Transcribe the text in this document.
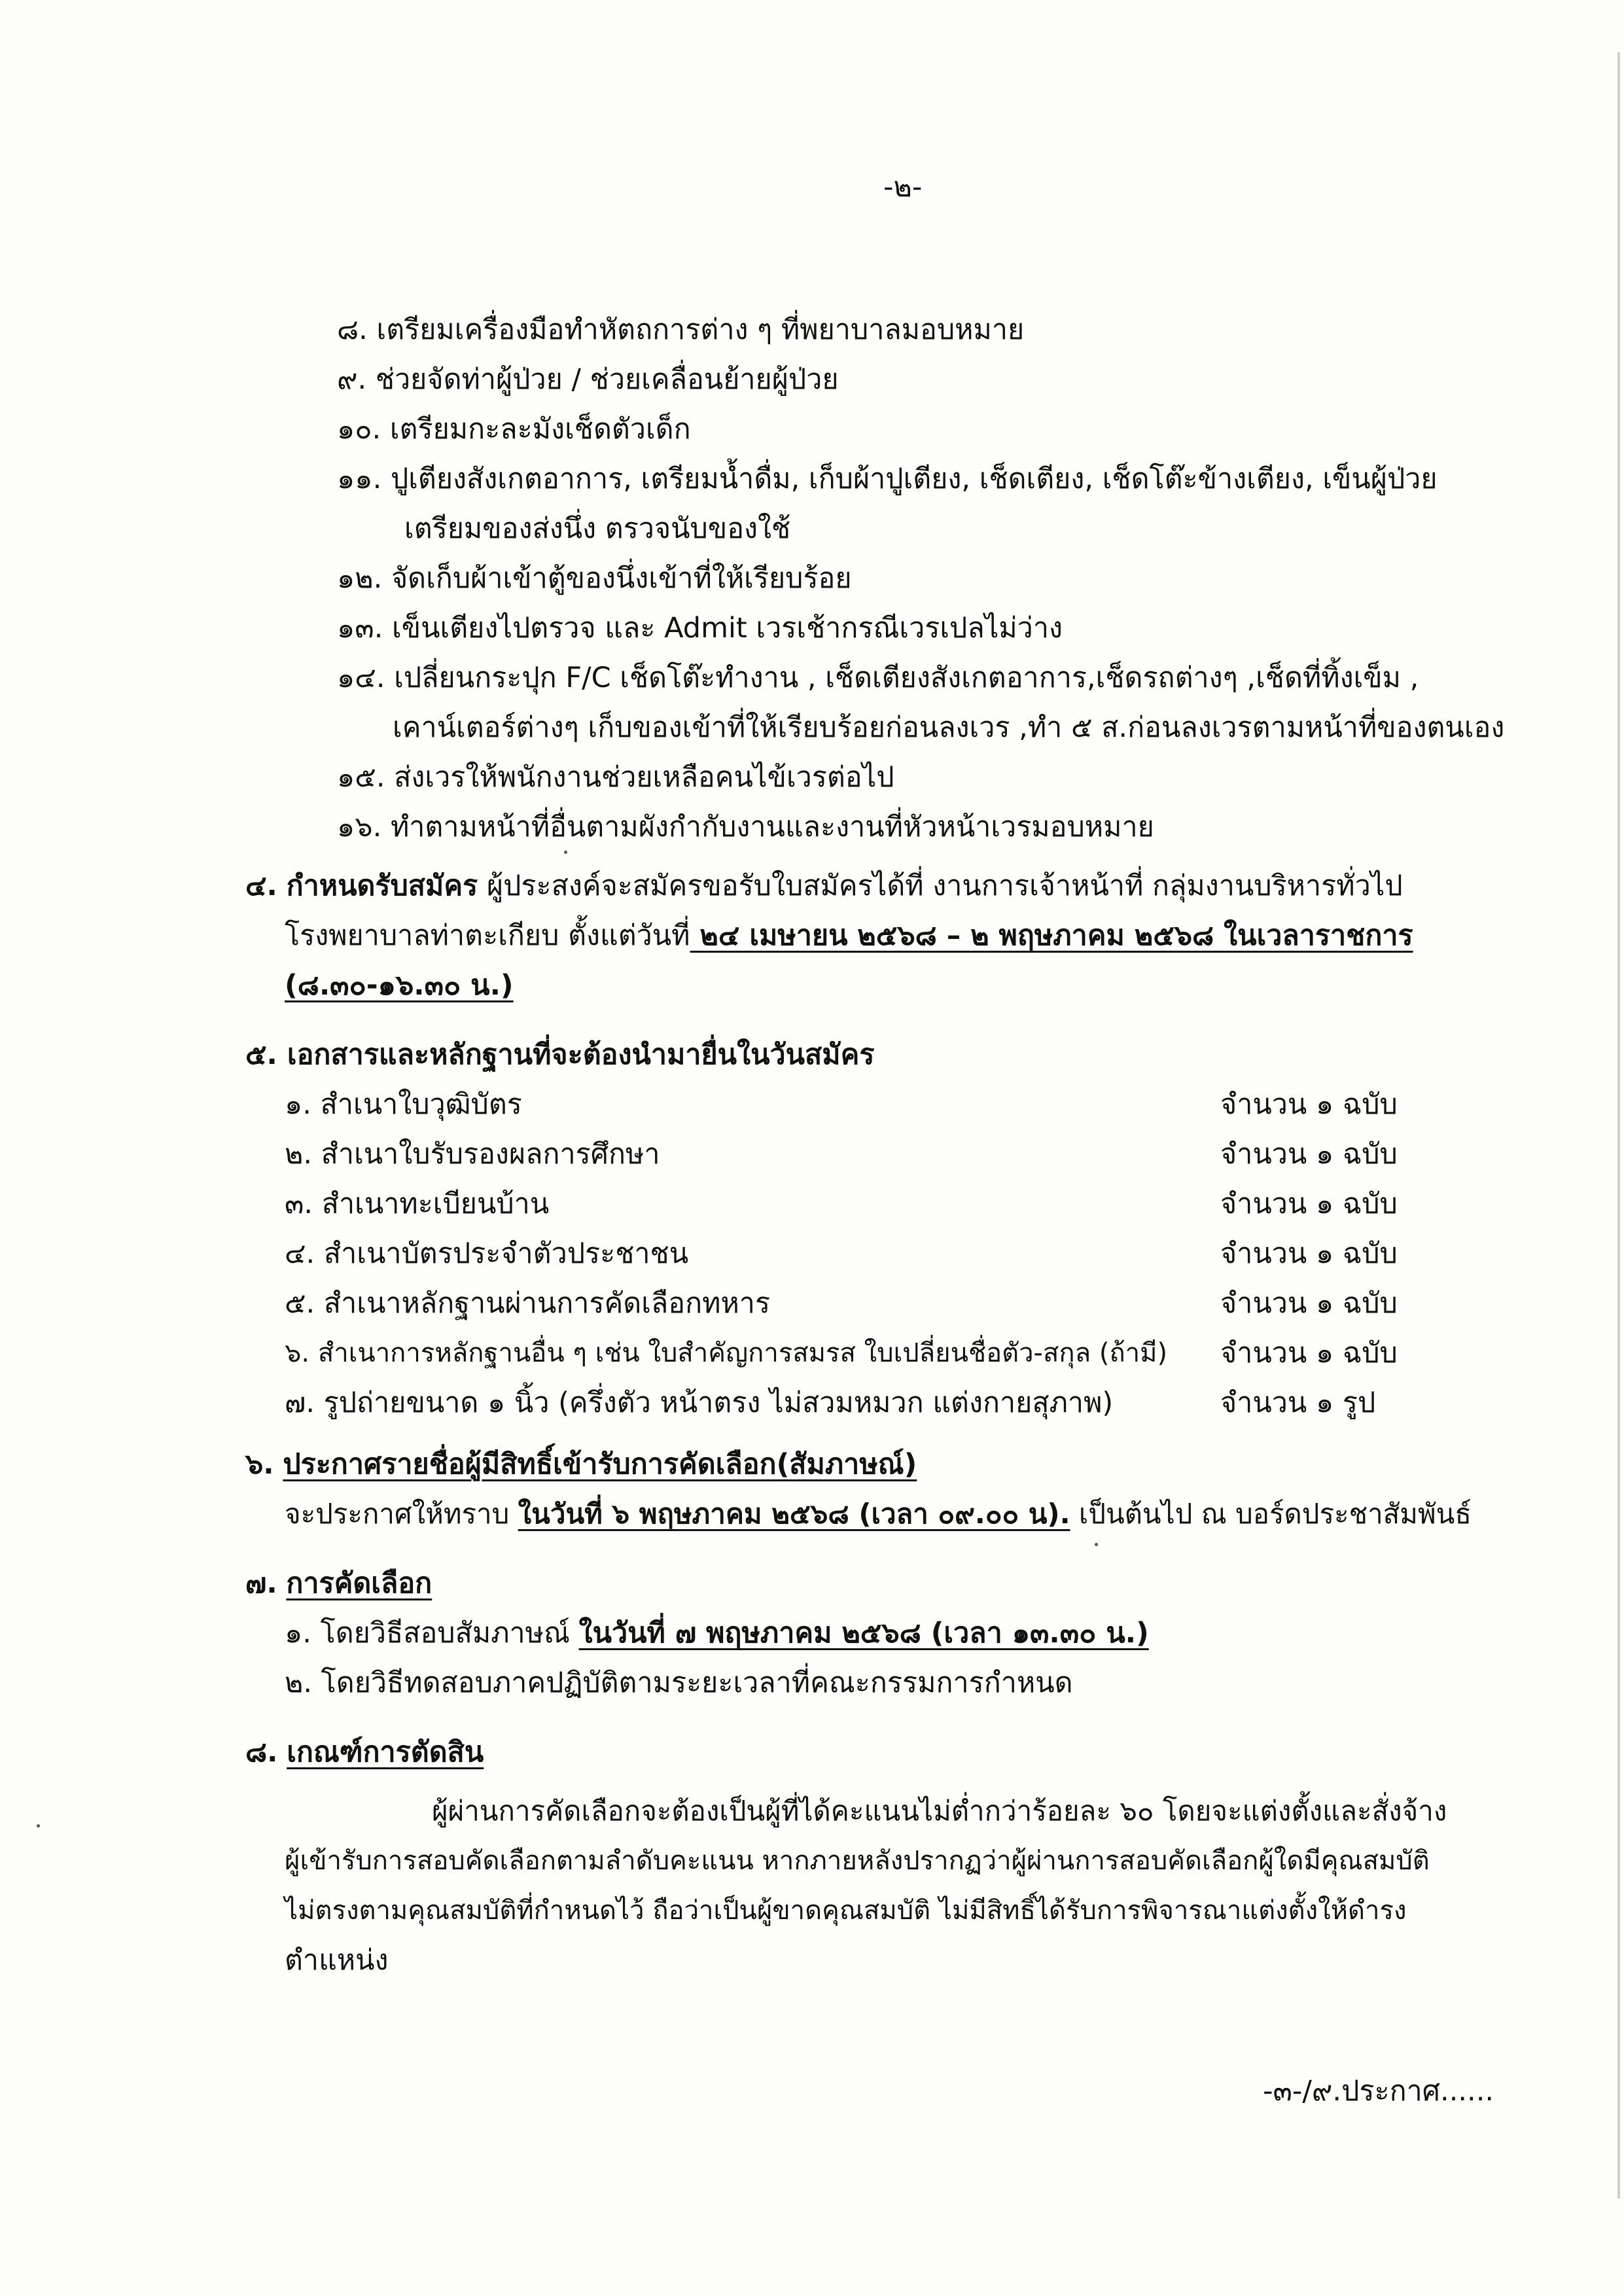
-๒-
๘. เตรียมเครื่องมือทำหัตถการต่าง ๆ ที่พยาบาลมอบหมาย
๙. ช่วยจัดท่าผู้ป่วย / ช่วยเคลื่อนย้ายผู้ป่วย
๑๐. เตรียมกะละมังเช็ดตัวเด็ก
๑๑. ปูเตียงสังเกตอาการ, เตรียมน้ำดื่ม, เก็บผ้าปูเตียง, เช็ดเตียง, เช็ดโต๊ะข้างเตียง, เข็นผู้ป่วย
เตรียมของส่งนึ่ง ตรวจนับของใช้
๑๒. จัดเก็บผ้าเข้าตู้ของนึ่งเข้าที่ให้เรียบร้อย
๑๓. เข็นเตียงไปตรวจ และ Admit เวรเช้ากรณีเวรเปลไม่ว่าง
๑๔. เปลี่ยนกระปุก F/C เช็ดโต๊ะทำงาน , เช็ดเตียงสังเกตอาการ,เช็ดรถต่างๆ ,เช็ดที่ทิ้งเข็ม ,
เคาน์เตอร์ต่างๆ เก็บของเข้าที่ให้เรียบร้อยก่อนลงเวร ,ทำ ๕ ส.ก่อนลงเวรตามหน้าที่ของตนเอง
๑๕. ส่งเวรให้พนักงานช่วยเหลือคนไข้เวรต่อไป
๑๖. ทำตามหน้าที่อื่นตามผังกำกับงานและงานที่หัวหน้าเวรมอบหมาย
๔. กำหนดรับสมัคร ผู้ประสงค์จะสมัครขอรับใบสมัครได้ที่ งานการเจ้าหน้าที่ กลุ่มงานบริหารทั่วไป
โรงพยาบาลท่าตะเกียบ ตั้งแต่วันที่ ๒๔ เมษายน ๒๕๖๘ – ๒ พฤษภาคม ๒๕๖๘ ในเวลาราชการ
(๘.๓๐-๑๖.๓๐ น.)
๕. เอกสารและหลักฐานที่จะต้องนำมายื่นในวันสมัคร
๑. สำเนาใบวุฒิบัตร	จำนวน ๑ ฉบับ
๒. สำเนาใบรับรองผลการศึกษา	จำนวน ๑ ฉบับ
๓. สำเนาทะเบียนบ้าน	จำนวน ๑ ฉบับ
๔. สำเนาบัตรประจำตัวประชาชน	จำนวน ๑ ฉบับ
๕. สำเนาหลักฐานผ่านการคัดเลือกทหาร	จำนวน ๑ ฉบับ
๖. สำเนาการหลักฐานอื่น ๆ เช่น ใบสำคัญการสมรส ใบเปลี่ยนชื่อตัว-สกุล (ถ้ามี) จำนวน ๑ ฉบับ
๗. รูปถ่ายขนาด ๑ นิ้ว (ครึ่งตัว หน้าตรง ไม่สวมหมวก แต่งกายสุภาพ)	จำนวน ๑ รูป
๖. ประกาศรายชื่อผู้มีสิทธิ์เข้ารับการคัดเลือก(สัมภาษณ์)
จะประกาศให้ทราบ ในวันที่ ๖ พฤษภาคม ๒๕๖๘ (เวลา ๐๙.๐๐ น). เป็นต้นไป ณ บอร์ดประชาสัมพันธ์
๗. การคัดเลือก
๑. โดยวิธีสอบสัมภาษณ์ ในวันที่ ๗ พฤษภาคม ๒๕๖๘ (เวลา ๑๓.๓๐ น.)
๒. โดยวิธีทดสอบภาคปฏิบัติตามระยะเวลาที่คณะกรรมการกำหนด
๘. เกณฑ์การตัดสิน
ผู้ผ่านการคัดเลือกจะต้องเป็นผู้ที่ได้คะแนนไม่ต่ำกว่าร้อยละ ๖๐ โดยจะแต่งตั้งและสั่งจ้าง
ผู้เข้ารับการสอบคัดเลือกตามลำดับคะแนน หากภายหลังปรากฏว่าผู้ผ่านการสอบคัดเลือกผู้ใดมีคุณสมบัติ
ไม่ตรงตามคุณสมบัติที่กำหนดไว้ ถือว่าเป็นผู้ขาดคุณสมบัติ ไม่มีสิทธิ์ได้รับการพิจารณาแต่งตั้งให้ดำรง
ตำแหน่ง
-๓-/๙.ประกาศ......
